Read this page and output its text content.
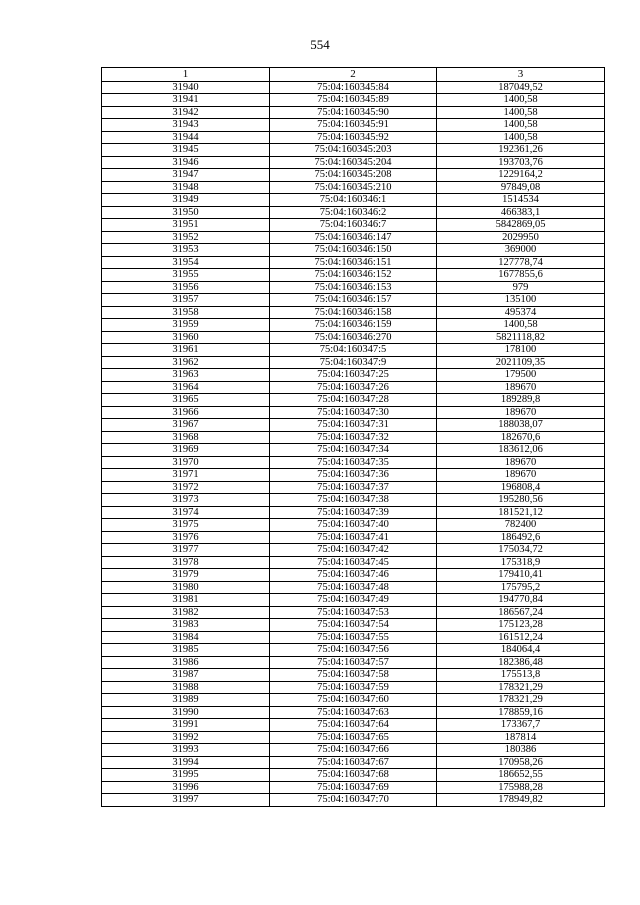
554
1	2	3
31940	75:04:160345:84	187049,52
31941	75:04:160345:89	1400,58
31942	75:04:160345:90	1400,58
31943	75:04:160345:91	1400,58
31944	75:04:160345:92	1400,58
31945	75:04:160345:203	192361,26
31946	75:04:160345:204	193703,76
31947	75:04:160345:208	1229164,2
31948	75:04:160345:210	97849,08
31949	75:04:160346:1	1514534
31950	75:04:160346:2	466383,1
31951	75:04:160346:7	5842869,05
31952	75:04:160346:147	2029950
31953	75:04:160346:150	369000
31954	75:04:160346:151	127778,74
31955	75:04:160346:152	1677855,6
31956	75:04:160346:153	979
31957	75:04:160346:157	135100
31958	75:04:160346:158	495374
31959	75:04:160346:159	1400,58
31960	75:04:160346:270	5821118,82
31961	75:04:160347:5	178100
31962	75:04:160347:9	2021109,35
31963	75:04:160347:25	179500
31964	75:04:160347:26	189670
31965	75:04:160347:28	189289,8
31966	75:04:160347:30	189670
31967	75:04:160347:31	188038,07
31968	75:04:160347:32	182670,6
31969	75:04:160347:34	183612,06
31970	75:04:160347:35	189670
31971	75:04:160347:36	189670
31972	75:04:160347:37	196808,4
31973	75:04:160347:38	195280,56
31974	75:04:160347:39	181521,12
31975	75:04:160347:40	782400
31976	75:04:160347:41	186492,6
31977	75:04:160347:42	175034,72
31978	75:04:160347:45	175318,9
31979	75:04:160347:46	179410,41
31980	75:04:160347:48	175795,2
31981	75:04:160347:49	194770,84
31982	75:04:160347:53	186567,24
31983	75:04:160347:54	175123,28
31984	75:04:160347:55	161512,24
31985	75:04:160347:56	184064,4
31986	75:04:160347:57	182386,48
31987	75:04:160347:58	175513,8
31988	75:04:160347:59	178321,29
31989	75:04:160347:60	178321,29
31990	75:04:160347:63	178859,16
31991	75:04:160347:64	173367,7
31992	75:04:160347:65	187814
31993	75:04:160347:66	180386
31994	75:04:160347:67	170958,26
31995	75:04:160347:68	186652,55
31996	75:04:160347:69	175988,28
31997	75:04:160347:70	178949,82
